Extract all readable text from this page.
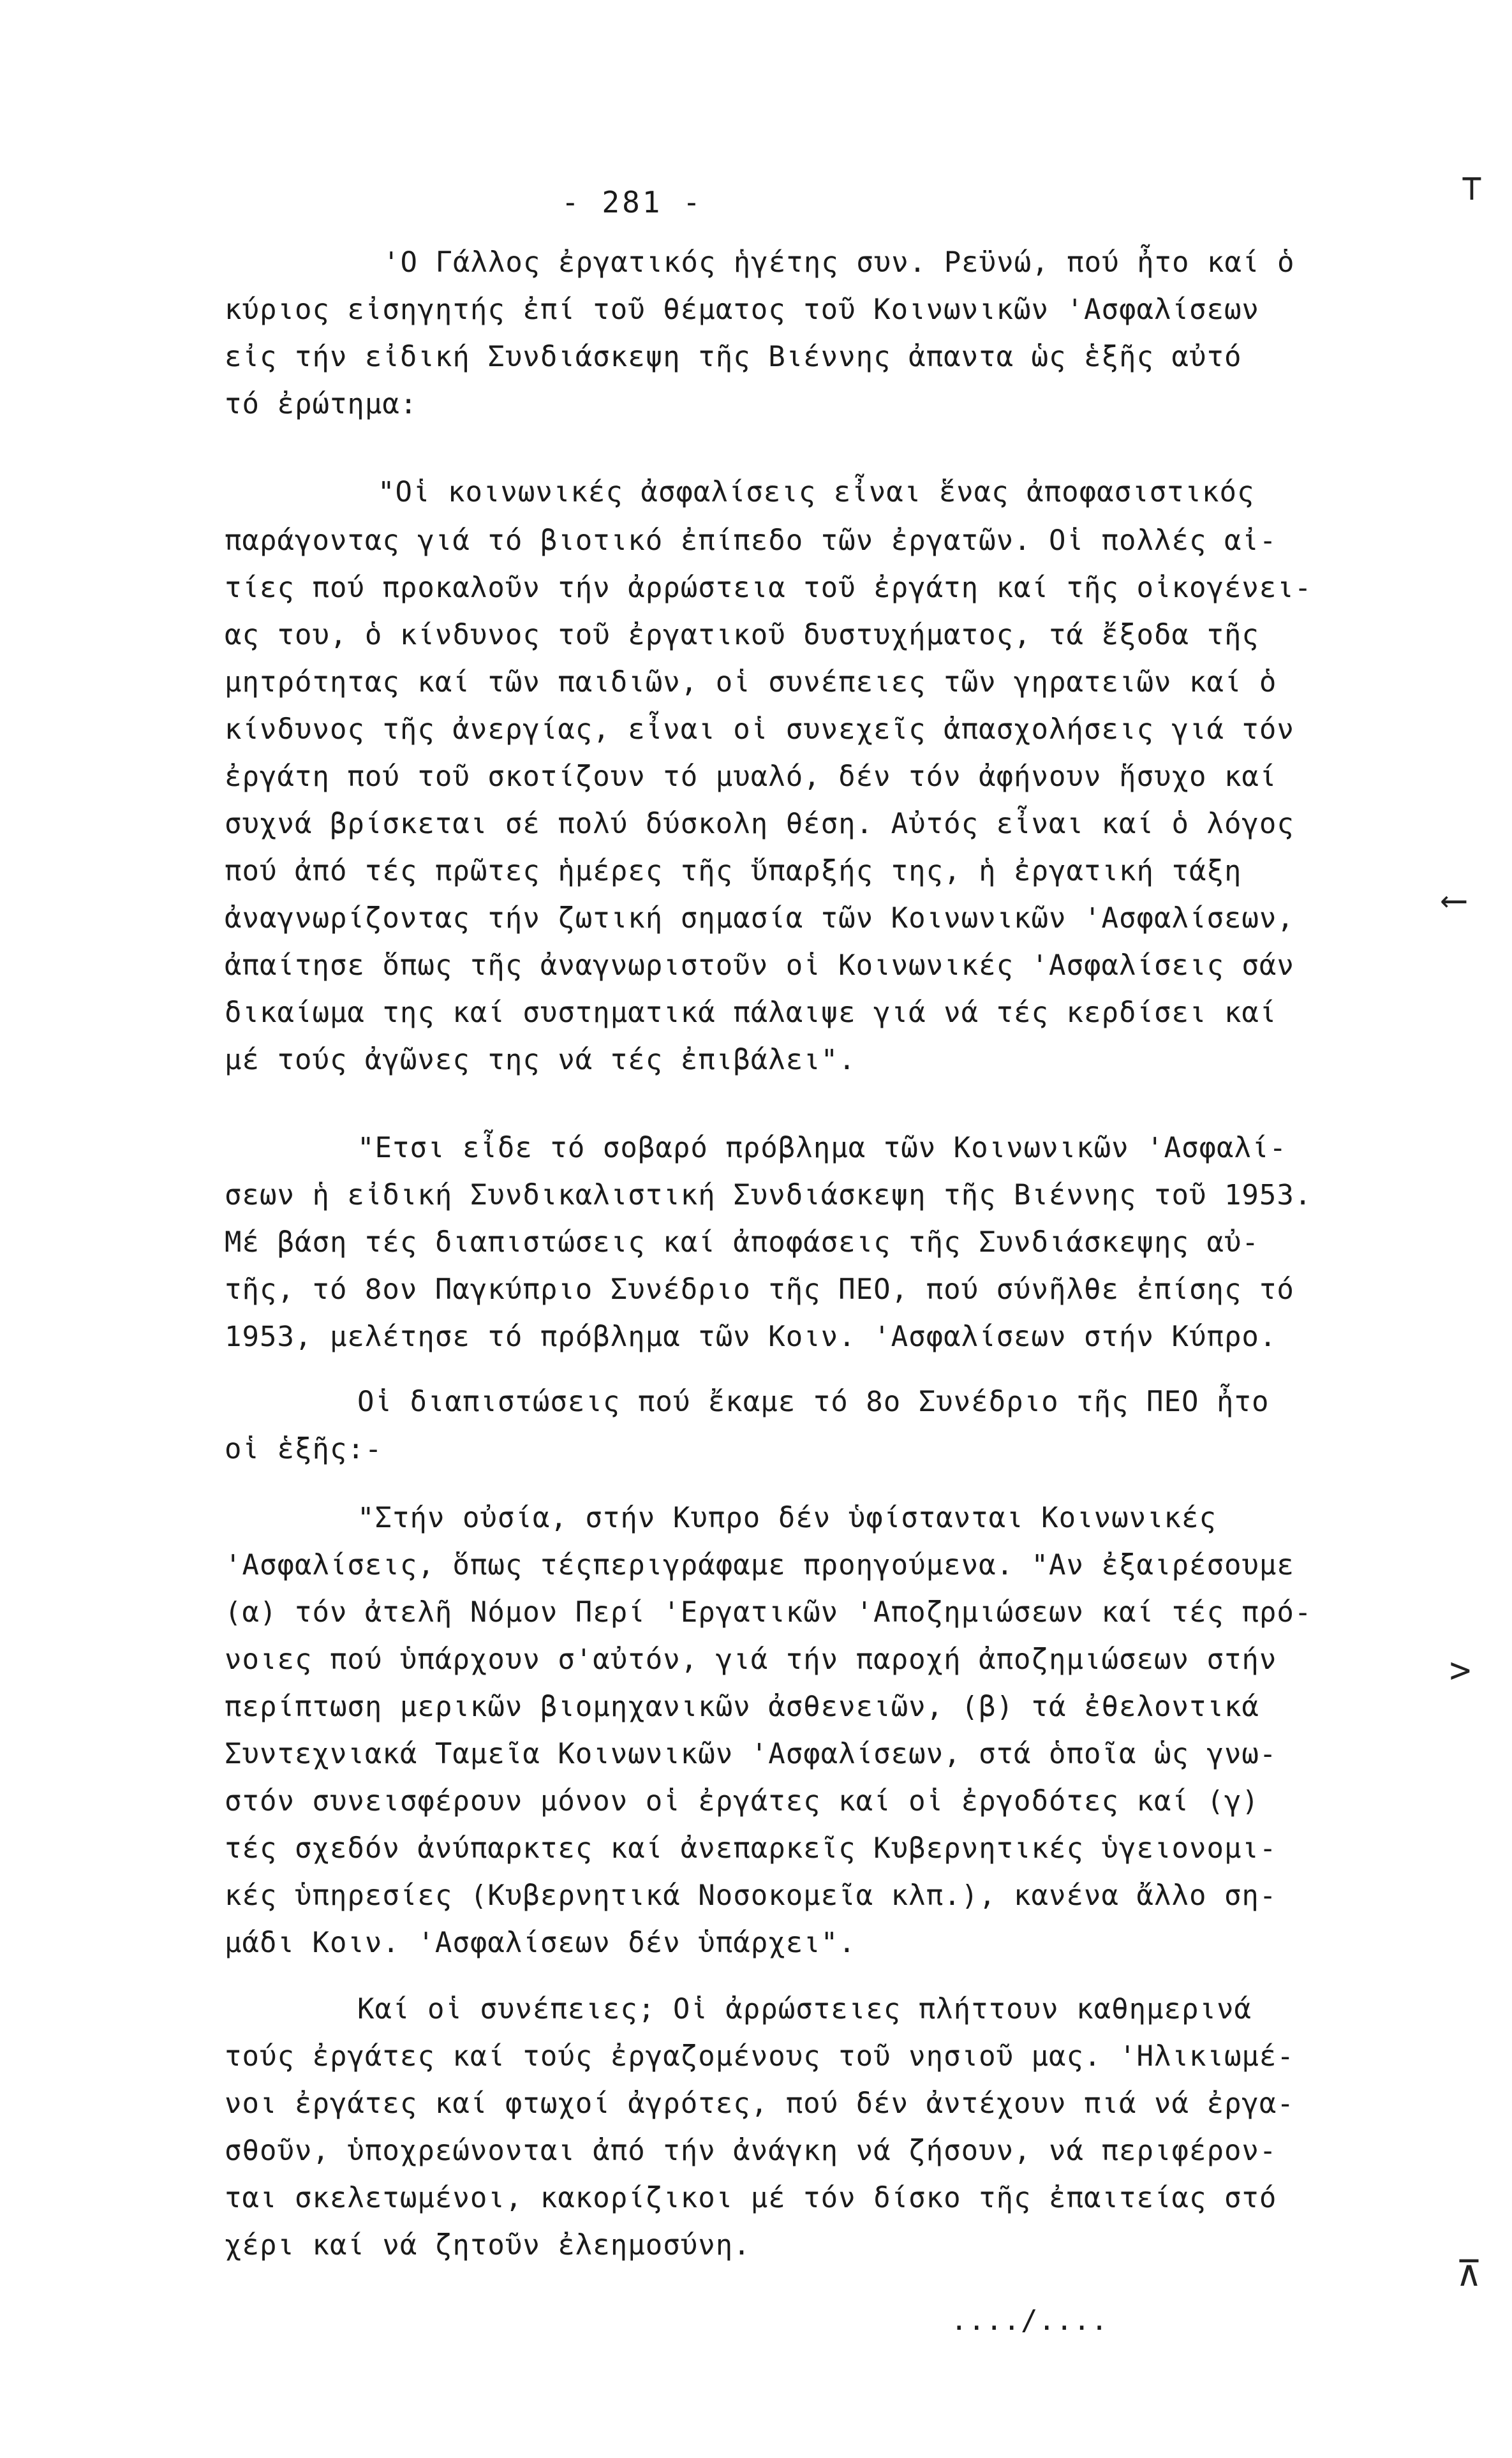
- 281 -	⊤
⟵
>
⊼
'Ο Γάλλος ἐργατικός ἡγέτης συν. Ρεϋνώ, πού ἦτο καί ὁ
κύριος εἰσηγητής ἐπί τοῦ θέματος τοῦ Κοινωνικῶν 'Ασφαλίσεων
εἰς τήν εἰδική Συνδιάσκεψη τῆς Βιέννης ἀπαντα ὡς ἑξῆς αὐτό
τό ἐρώτημα:
"Οἱ κοινωνικές ἀσφαλίσεις εἶναι ἕνας ἀποφασιστικός
παράγοντας γιά τό βιοτικό ἐπίπεδο τῶν ἐργατῶν. Οἱ πολλές αἰ-
τίες πού προκαλοῦν τήν ἀρρώστεια τοῦ ἐργάτη καί τῆς οἰκογένει-
ας του, ὁ κίνδυνος τοῦ ἐργατικοῦ δυστυχήματος, τά ἔξοδα τῆς
μητρότητας καί τῶν παιδιῶν, οἱ συνέπειες τῶν γηρατειῶν καί ὁ
κίνδυνος τῆς ἀνεργίας, εἶναι οἱ συνεχεῖς ἀπασχολήσεις γιά τόν
ἐργάτη πού τοῦ σκοτίζουν τό μυαλό, δέν τόν ἀφήνουν ἥσυχο καί
συχνά βρίσκεται σέ πολύ δύσκολη θέση. Αὐτός εἶναι καί ὁ λόγος
πού ἀπό τές πρῶτες ἡμέρες τῆς ὕπαρξής της, ἡ ἐργατική τάξη
ἀναγνωρίζοντας τήν ζωτική σημασία τῶν Κοινωνικῶν 'Ασφαλίσεων,
ἀπαίτησε ὅπως τῆς ἀναγνωριστοῦν οἱ Κοινωνικές 'Ασφαλίσεις σάν
δικαίωμα της καί συστηματικά πάλαιψε γιά νά τές κερδίσει καί
μέ τούς ἀγῶνες της νά τές ἐπιβάλει".
"Ετσι εἶδε τό σοβαρό πρόβλημα τῶν Κοινωνικῶν 'Ασφαλί-
σεων ἡ εἰδική Συνδικαλιστική Συνδιάσκεψη τῆς Βιέννης τοῦ 1953.
Μέ βάση τές διαπιστώσεις καί ἀποφάσεις τῆς Συνδιάσκεψης αὐ-
τῆς, τό 8ον Παγκύπριο Συνέδριο τῆς ΠΕΟ, πού σύνῆλθε ἐπίσης τό
1953, μελέτησε τό πρόβλημα τῶν Κοιν. 'Ασφαλίσεων στήν Κύπρο.
Οἱ διαπιστώσεις πού ἔκαμε τό 8ο Συνέδριο τῆς ΠΕΟ ἦτο
οἱ ἑξῆς:-
"Στήν οὐσία, στήν Κυπρο δέν ὑφίστανται Κοινωνικές
'Ασφαλίσεις, ὅπως τέςπεριγράφαμε προηγούμενα. "Αν ἐξαιρέσουμε
(α) τόν ἀτελῆ Νόμον Περί 'Εργατικῶν 'Αποζημιώσεων καί τές πρό-
νοιες πού ὑπάρχουν σ'αὐτόν, γιά τήν παροχή ἀποζημιώσεων στήν
περίπτωση μερικῶν βιομηχανικῶν ἀσθενειῶν, (β) τά ἐθελοντικά
Συντεχνιακά Ταμεῖα Κοινωνικῶν 'Ασφαλίσεων, στά ὁποῖα ὡς γνω-
στόν συνεισφέρουν μόνον οἱ ἐργάτες καί οἱ ἐργοδότες καί (γ)
τές σχεδόν ἀνύπαρκτες καί ἀνεπαρκεῖς Κυβερνητικές ὑγειονομι-
κές ὑπηρεσίες (Κυβερνητικά Νοσοκομεῖα κλπ.), κανένα ἄλλο ση-
μάδι Κοιν. 'Ασφαλίσεων δέν ὑπάρχει".
Καί οἱ συνέπειες; Οἱ ἀρρώστειες πλήττουν καθημερινά
τούς ἐργάτες καί τούς ἐργαζομένους τοῦ νησιοῦ μας. 'Ηλικιωμέ-
νοι ἐργάτες καί φτωχοί ἀγρότες, πού δέν ἀντέχουν πιά νά ἐργα-
σθοῦν, ὑποχρεώνονται ἀπό τήν ἀνάγκη νά ζήσουν, νά περιφέρον-
ται σκελετωμένοι, κακορίζικοι μέ τόν δίσκο τῆς ἐπαιτείας στό
χέρι καί νά ζητοῦν ἐλεημοσύνη.
..../....
